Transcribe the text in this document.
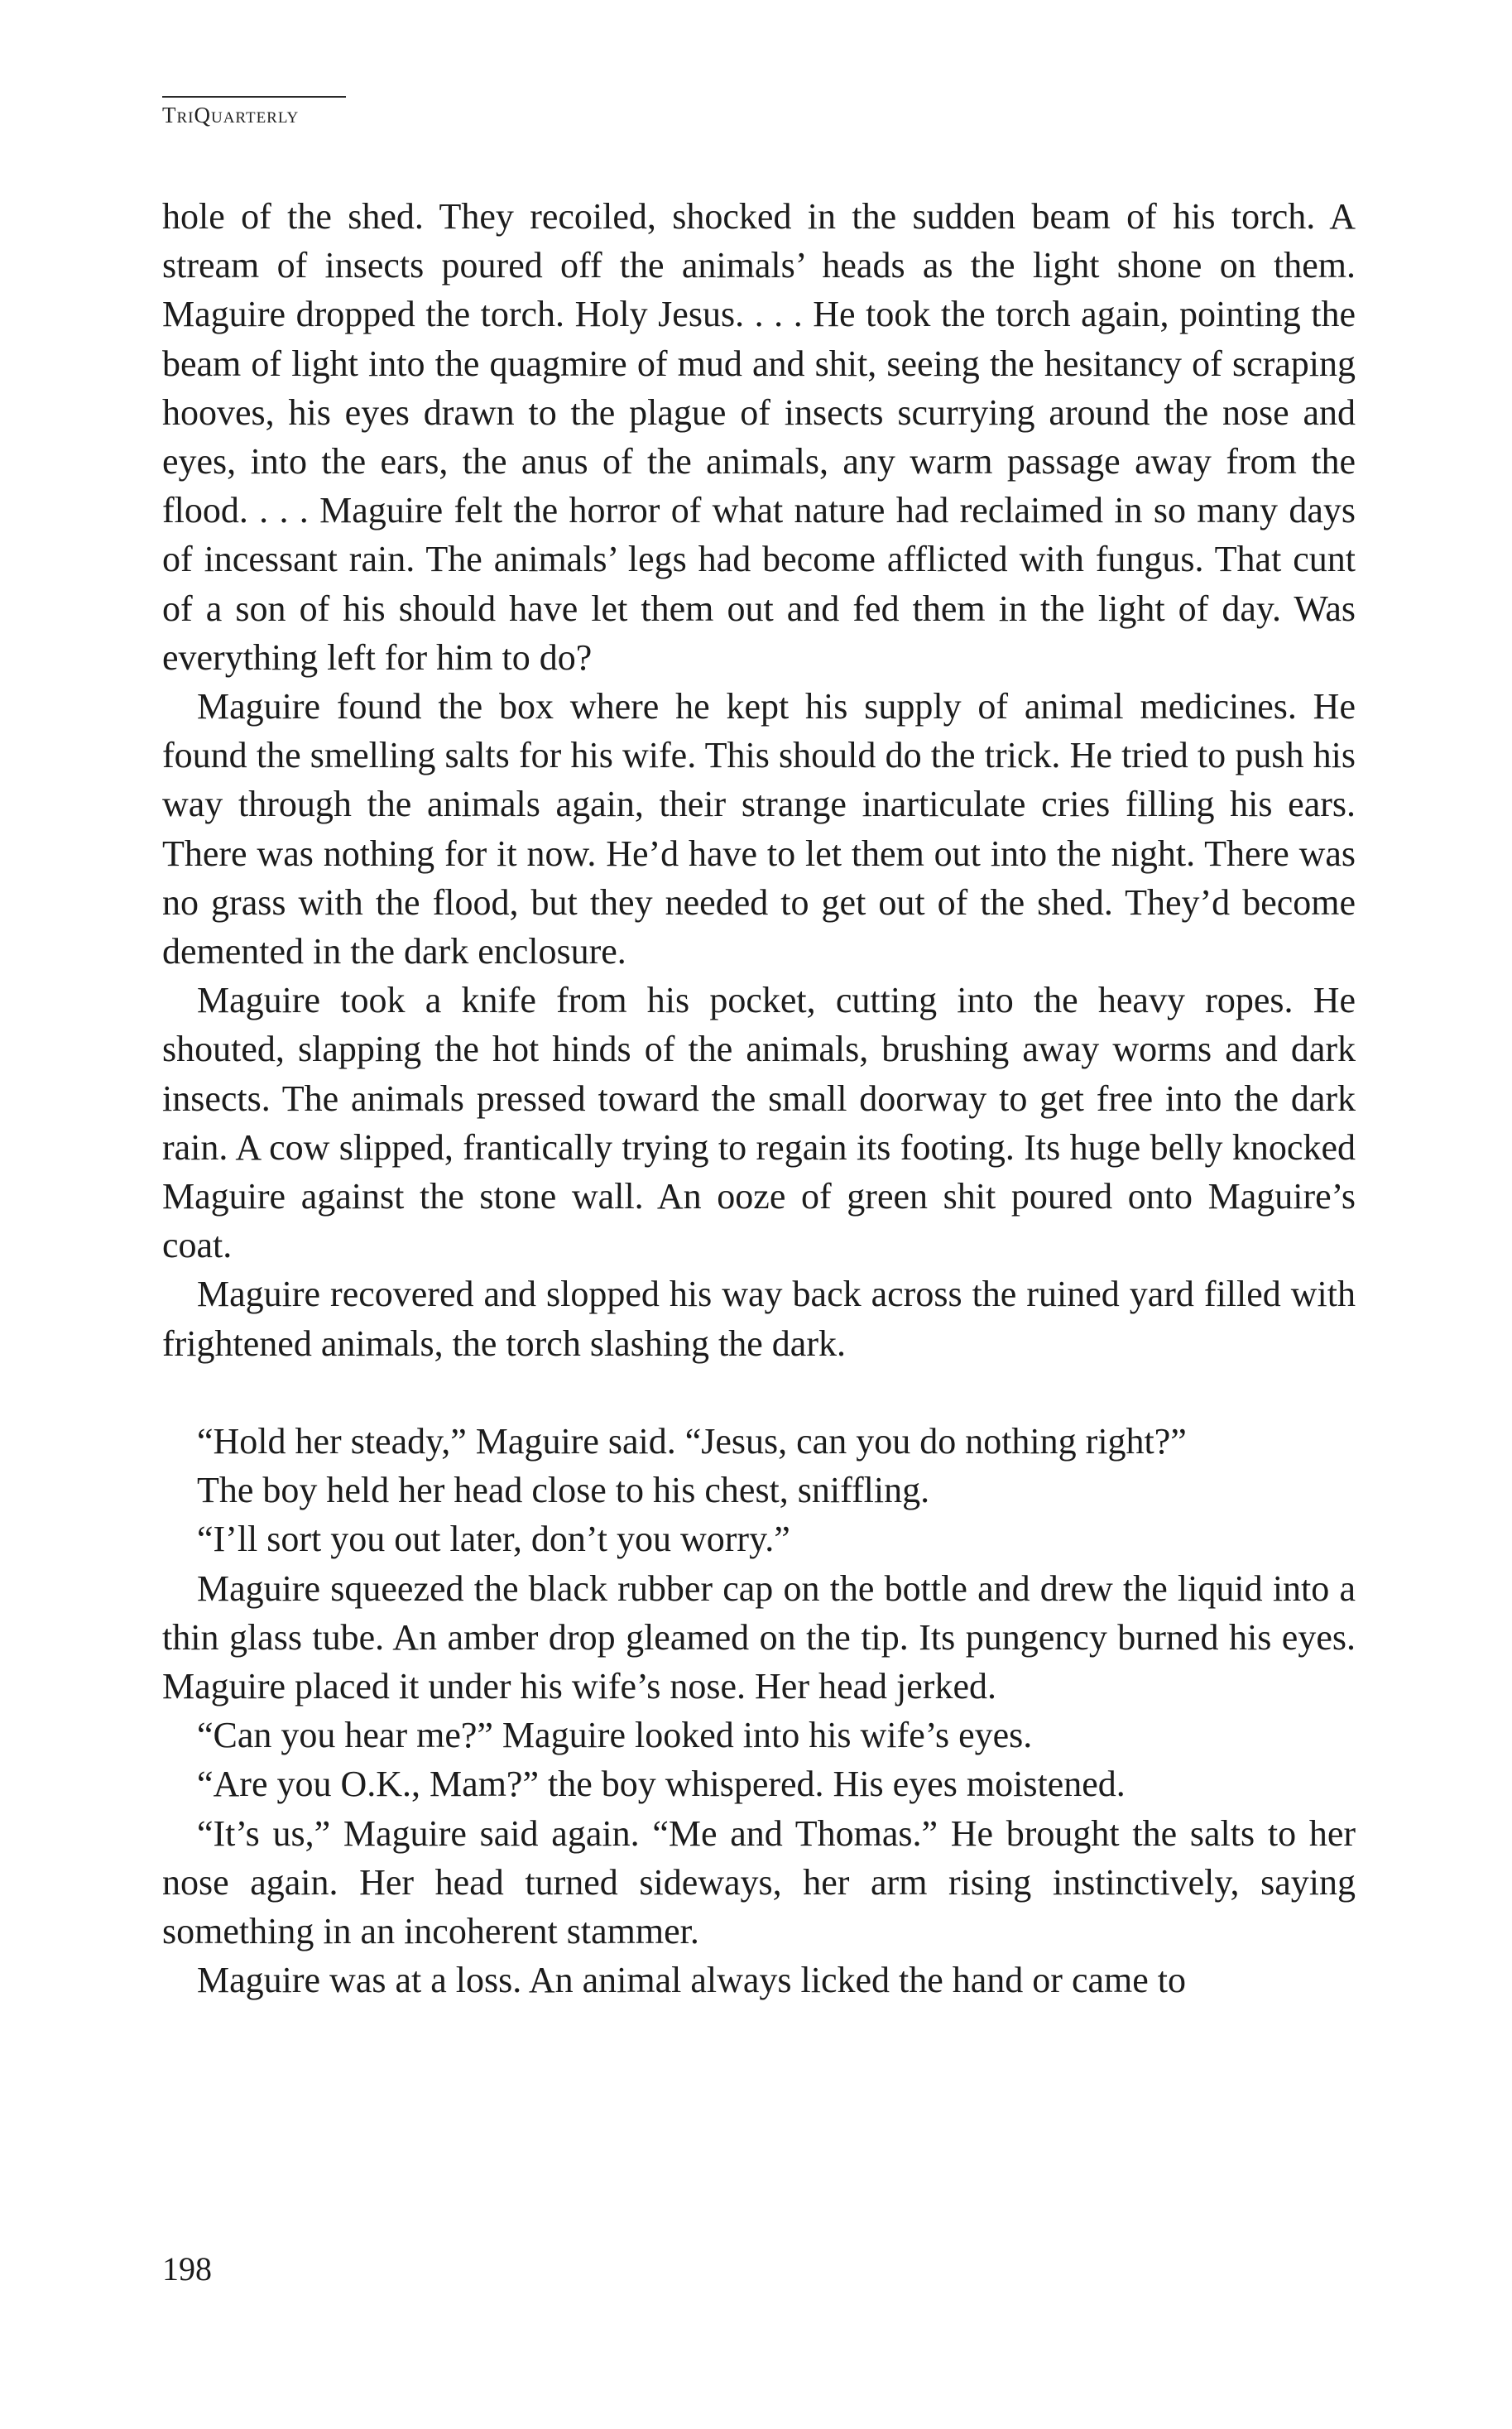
TriQuarterly

hole of the shed. They recoiled, shocked in the sudden beam of his torch. A stream of insects poured off the animals’ heads as the light shone on them. Maguire dropped the torch. Holy Jesus. . . . He took the torch again, pointing the beam of light into the quagmire of mud and shit, seeing the hesitancy of scraping hooves, his eyes drawn to the plague of insects scurrying around the nose and eyes, into the ears, the anus of the animals, any warm passage away from the flood. . . . Maguire felt the horror of what nature had reclaimed in so many days of incessant rain. The animals’ legs had become afflicted with fungus. That cunt of a son of his should have let them out and fed them in the light of day. Was everything left for him to do?

Maguire found the box where he kept his supply of animal medicines. He found the smelling salts for his wife. This should do the trick. He tried to push his way through the animals again, their strange inarticulate cries filling his ears. There was nothing for it now. He’d have to let them out into the night. There was no grass with the flood, but they needed to get out of the shed. They’d become demented in the dark enclosure.

Maguire took a knife from his pocket, cutting into the heavy ropes. He shouted, slapping the hot hinds of the animals, brushing away worms and dark insects. The animals pressed toward the small doorway to get free into the dark rain. A cow slipped, frantically trying to regain its footing. Its huge belly knocked Maguire against the stone wall. An ooze of green shit poured onto Maguire’s coat.

Maguire recovered and slopped his way back across the ruined yard filled with frightened animals, the torch slashing the dark.

“Hold her steady,” Maguire said. “Jesus, can you do nothing right?”

The boy held her head close to his chest, sniffling.

“I’ll sort you out later, don’t you worry.”

Maguire squeezed the black rubber cap on the bottle and drew the liquid into a thin glass tube. An amber drop gleamed on the tip. Its pungency burned his eyes. Maguire placed it under his wife’s nose. Her head jerked.

“Can you hear me?” Maguire looked into his wife’s eyes.

“Are you O.K., Mam?” the boy whispered. His eyes moistened.

“It’s us,” Maguire said again. “Me and Thomas.” He brought the salts to her nose again. Her head turned sideways, her arm rising instinctively, saying something in an incoherent stammer.

Maguire was at a loss. An animal always licked the hand or came to

198
